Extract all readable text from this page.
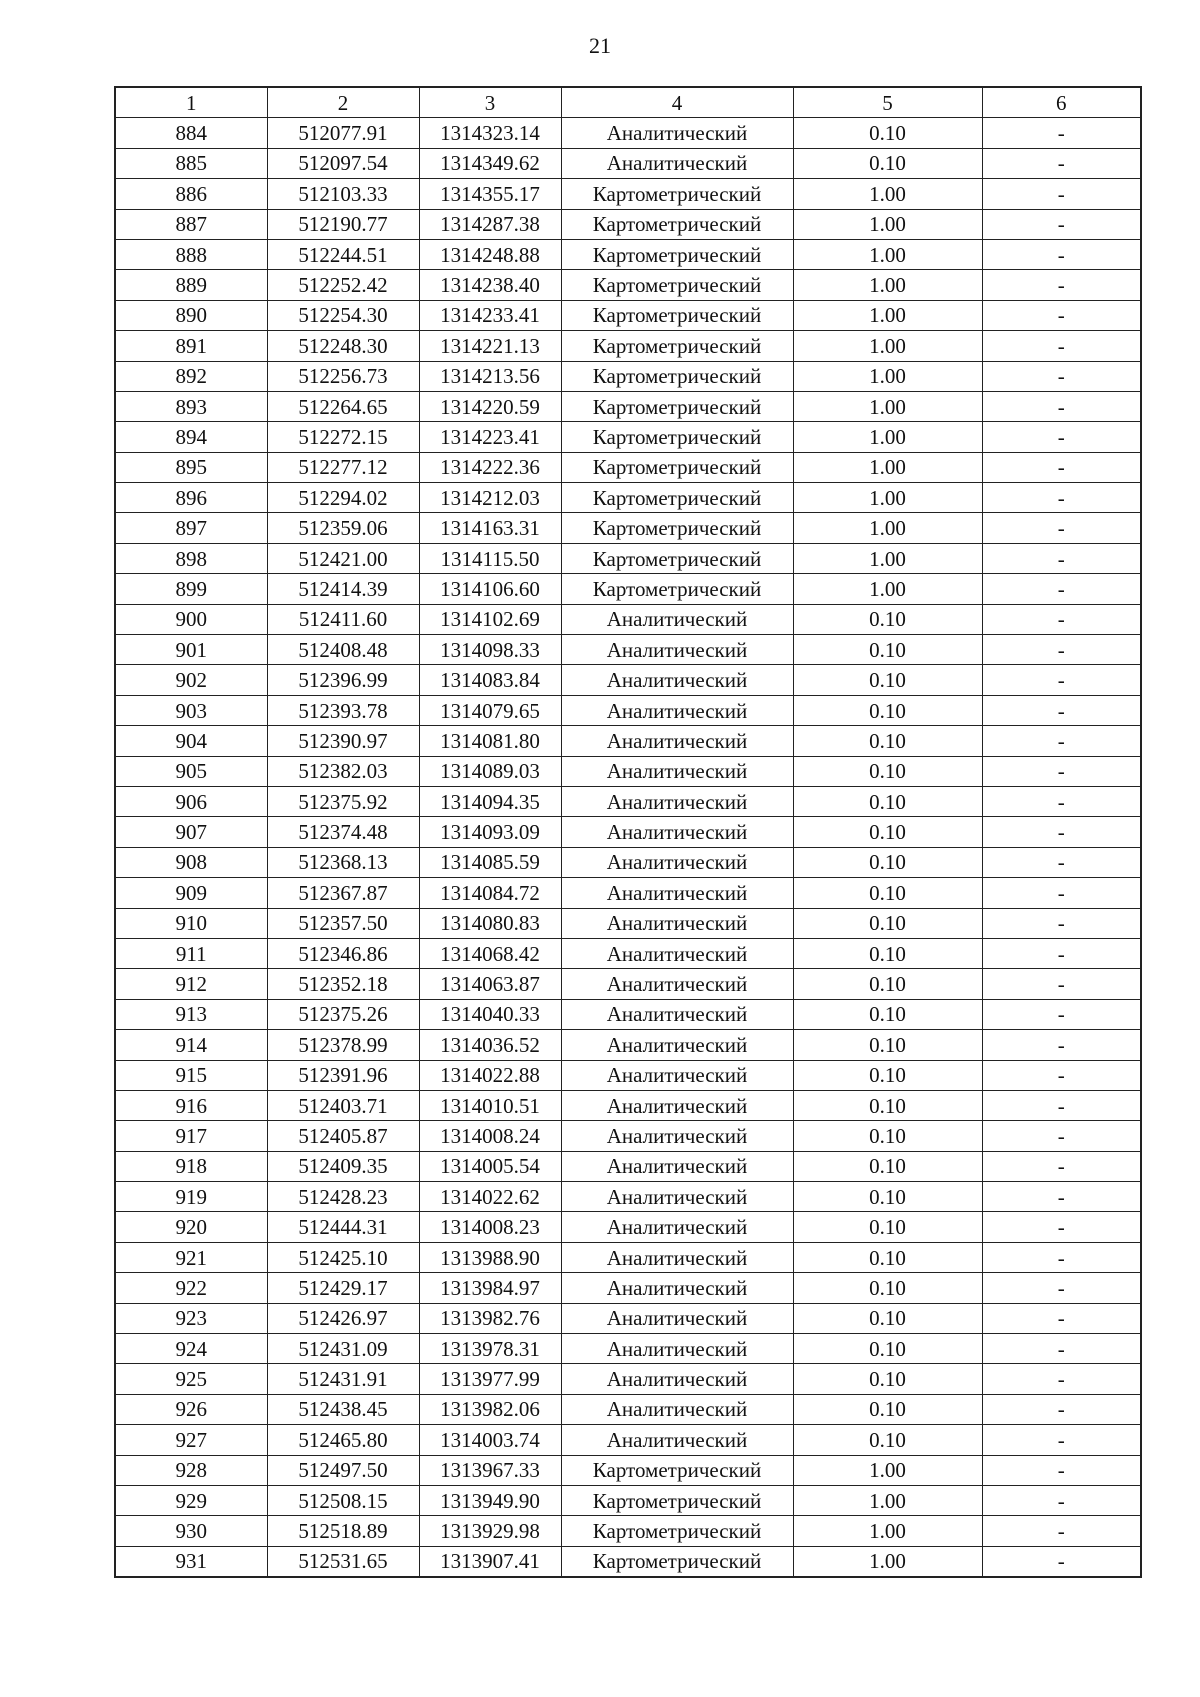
21
1	2	3	4	5	6
884	512077.91	1314323.14	Аналитический	0.10	-
885	512097.54	1314349.62	Аналитический	0.10	-
886	512103.33	1314355.17	Картометрический	1.00	-
887	512190.77	1314287.38	Картометрический	1.00	-
888	512244.51	1314248.88	Картометрический	1.00	-
889	512252.42	1314238.40	Картометрический	1.00	-
890	512254.30	1314233.41	Картометрический	1.00	-
891	512248.30	1314221.13	Картометрический	1.00	-
892	512256.73	1314213.56	Картометрический	1.00	-
893	512264.65	1314220.59	Картометрический	1.00	-
894	512272.15	1314223.41	Картометрический	1.00	-
895	512277.12	1314222.36	Картометрический	1.00	-
896	512294.02	1314212.03	Картометрический	1.00	-
897	512359.06	1314163.31	Картометрический	1.00	-
898	512421.00	1314115.50	Картометрический	1.00	-
899	512414.39	1314106.60	Картометрический	1.00	-
900	512411.60	1314102.69	Аналитический	0.10	-
901	512408.48	1314098.33	Аналитический	0.10	-
902	512396.99	1314083.84	Аналитический	0.10	-
903	512393.78	1314079.65	Аналитический	0.10	-
904	512390.97	1314081.80	Аналитический	0.10	-
905	512382.03	1314089.03	Аналитический	0.10	-
906	512375.92	1314094.35	Аналитический	0.10	-
907	512374.48	1314093.09	Аналитический	0.10	-
908	512368.13	1314085.59	Аналитический	0.10	-
909	512367.87	1314084.72	Аналитический	0.10	-
910	512357.50	1314080.83	Аналитический	0.10	-
911	512346.86	1314068.42	Аналитический	0.10	-
912	512352.18	1314063.87	Аналитический	0.10	-
913	512375.26	1314040.33	Аналитический	0.10	-
914	512378.99	1314036.52	Аналитический	0.10	-
915	512391.96	1314022.88	Аналитический	0.10	-
916	512403.71	1314010.51	Аналитический	0.10	-
917	512405.87	1314008.24	Аналитический	0.10	-
918	512409.35	1314005.54	Аналитический	0.10	-
919	512428.23	1314022.62	Аналитический	0.10	-
920	512444.31	1314008.23	Аналитический	0.10	-
921	512425.10	1313988.90	Аналитический	0.10	-
922	512429.17	1313984.97	Аналитический	0.10	-
923	512426.97	1313982.76	Аналитический	0.10	-
924	512431.09	1313978.31	Аналитический	0.10	-
925	512431.91	1313977.99	Аналитический	0.10	-
926	512438.45	1313982.06	Аналитический	0.10	-
927	512465.80	1314003.74	Аналитический	0.10	-
928	512497.50	1313967.33	Картометрический	1.00	-
929	512508.15	1313949.90	Картометрический	1.00	-
930	512518.89	1313929.98	Картометрический	1.00	-
931	512531.65	1313907.41	Картометрический	1.00	-
